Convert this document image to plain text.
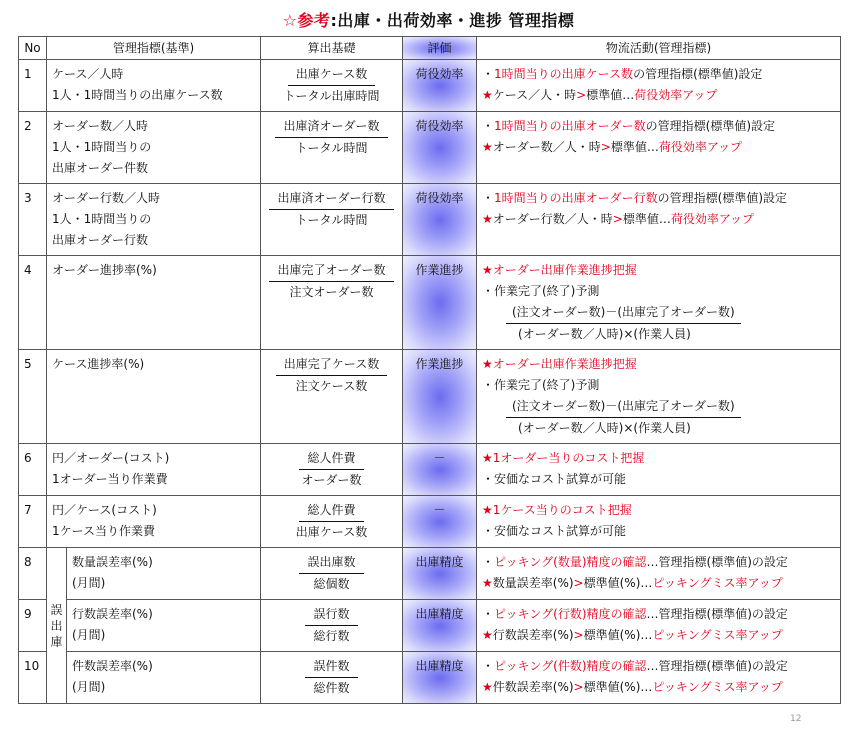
☆参考:出庫・出荷効率・進捗 管理指標
No	管理指標(基準)		算出基礎	評価	物流活動(管理指標)
1	ケース／人時
1人・1時間当りの出庫ケース数		出庫ケース数
トータル出庫時間	荷役効率	・1時間当りの出庫ケース数の管理指標(標準値)設定
★ケース／人・時>標準値…荷役効率アップ

2	オーダー数／人時
1人・1時間当りの
出庫オーダー件数		出庫済オーダー数
トータル時間	荷役効率	・1時間当りの出庫オーダー数の管理指標(標準値)設定
★オーダー数／人・時>標準値…荷役効率アップ

3	オーダー行数／人時
1人・1時間当りの
出庫オーダー行数		出庫済オーダー行数
トータル時間	荷役効率	・1時間当りの出庫オーダー行数の管理指標(標準値)設定
★オーダー行数／人・時>標準値…荷役効率アップ

4	オーダー進捗率(%)		出庫完了オーダー数
注文オーダー数	作業進捗	★オーダー出庫作業進捗把握
・作業完了(終了)予測
(注文オーダー数)－(出庫完了オーダー数)
(オーダー数／人時)×(作業人員)

5	ケース進捗率(%)		出庫完了ケース数
注文ケース数	作業進捗	★オーダー出庫作業進捗把握
・作業完了(終了)予測
(注文オーダー数)－(出庫完了オーダー数)
(オーダー数／人時)×(作業人員)

6	円／オーダー(コスト)
1オーダー当り作業費		総人件費
オーダー数	－	★1オーダー当りのコスト把握
・安価なコスト試算が可能

7	円／ケース(コスト)
1ケース当り作業費		総人件費
出庫ケース数	－	★1ケース当りのコスト把握
・安価なコスト試算が可能

8	誤
出
庫	数量誤差率(%)
(月間)	誤出庫数
総個数	出庫精度	・ピッキング(数量)精度の確認…管理指標(標準値)の設定
★数量誤差率(%)>標準値(%)…ピッキングミス率アップ

9		行数誤差率(%)
(月間)	誤行数
総行数	出庫精度	・ピッキング(行数)精度の確認…管理指標(標準値)の設定
★行数誤差率(%)>標準値(%)…ピッキングミス率アップ

10		件数誤差率(%)
(月間)	誤件数
総件数	出庫精度	・ピッキング(件数)精度の確認…管理指標(標準値)の設定
★件数誤差率(%)>標準値(%)…ピッキングミス率アップ
12
